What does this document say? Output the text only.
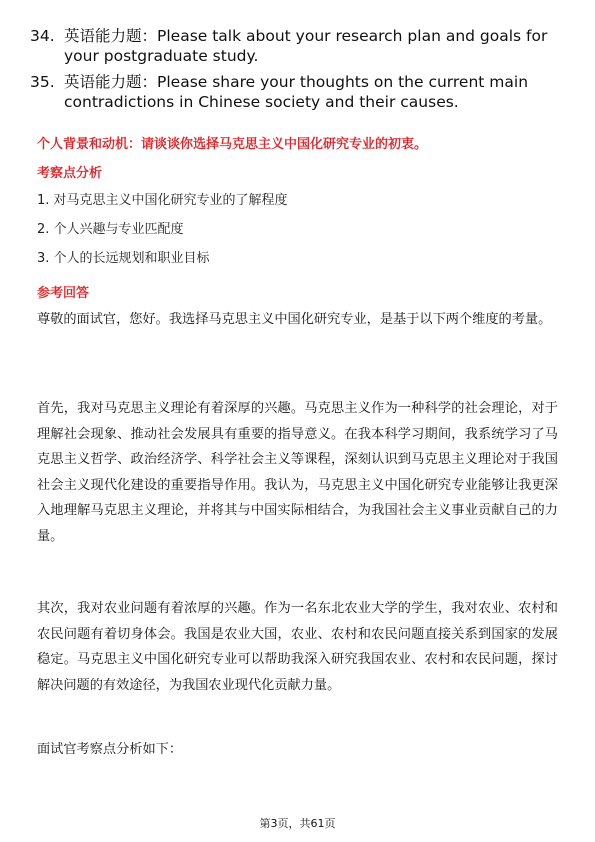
34. 英语能力题：Please talk about your research plan and goals for your postgraduate study.
35. 英语能力题：Please share your thoughts on the current main contradictions in Chinese society and their causes.
个人背景和动机：请谈谈你选择马克思主义中国化研究专业的初衷。
考察点分析
1. 对马克思主义中国化研究专业的了解程度
2. 个人兴趣与专业匹配度
3. 个人的长远规划和职业目标
参考回答
尊敬的面试官，您好。我选择马克思主义中国化研究专业，是基于以下两个维度的考量。
首先，我对马克思主义理论有着深厚的兴趣。马克思主义作为一种科学的社会理论，对于理解社会现象、推动社会发展具有重要的指导意义。在我本科学习期间，我系统学习了马克思主义哲学、政治经济学、科学社会主义等课程，深刻认识到马克思主义理论对于我国社会主义现代化建设的重要指导作用。我认为，马克思主义中国化研究专业能够让我更深入地理解马克思主义理论，并将其与中国实际相结合，为我国社会主义事业贡献自己的力量。
其次，我对农业问题有着浓厚的兴趣。作为一名东北农业大学的学生，我对农业、农村和农民问题有着切身体会。我国是农业大国，农业、农村和农民问题直接关系到国家的发展稳定。马克思主义中国化研究专业可以帮助我深入研究我国农业、农村和农民问题，探讨解决问题的有效途径，为我国农业现代化贡献力量。
面试官考察点分析如下：
第3页，共61页
